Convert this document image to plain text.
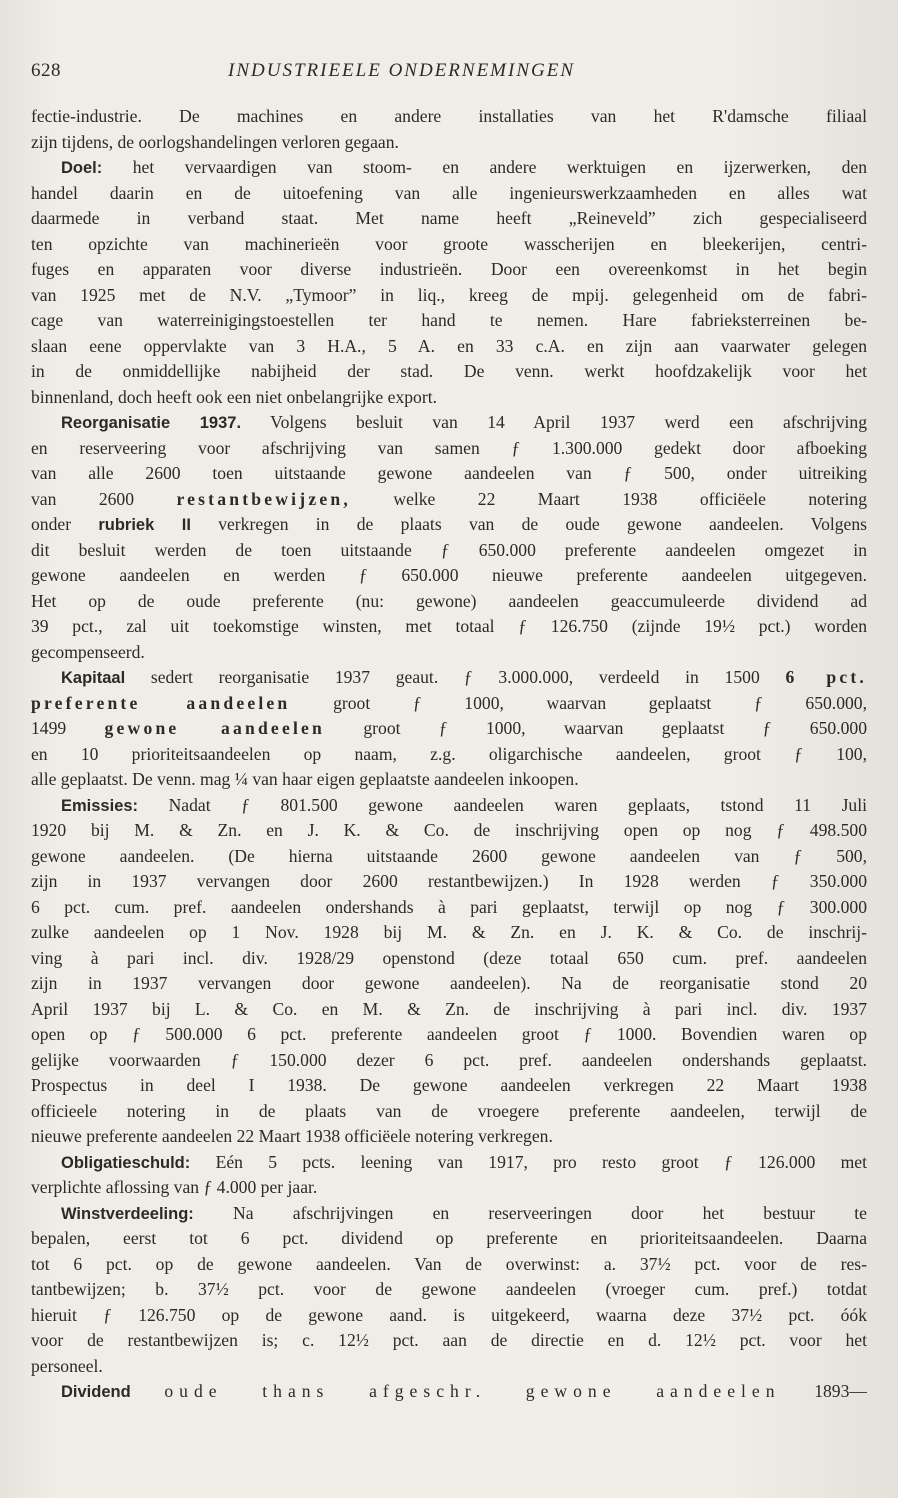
628	INDUSTRIEELE ONDERNEMINGEN
fectie-industrie. De machines en andere installaties van het R'damsche filiaal
zijn tijdens, de oorlogshandelingen verloren gegaan.
Doel: het vervaardigen van stoom- en andere werktuigen en ijzerwerken, den
handel daarin en de uitoefening van alle ingenieurswerkzaamheden en alles wat
daarmede in verband staat. Met name heeft „Reineveld” zich gespecialiseerd
ten opzichte van machinerieën voor groote wasscherijen en bleekerijen, centri-
fuges en apparaten voor diverse industrieën. Door een overeenkomst in het begin
van 1925 met de N.V. „Tymoor” in liq., kreeg de mpij. gelegenheid om de fabri-
cage van waterreinigingstoestellen ter hand te nemen. Hare fabrieksterreinen be-
slaan eene oppervlakte van 3 H.A., 5 A. en 33 c.A. en zijn aan vaarwater gelegen
in de onmiddellijke nabijheid der stad. De venn. werkt hoofdzakelijk voor het
binnenland, doch heeft ook een niet onbelangrijke export.
Reorganisatie 1937. Volgens besluit van 14 April 1937 werd een afschrijving
en reserveering voor afschrijving van samen ƒ 1.300.000 gedekt door afboeking
van alle 2600 toen uitstaande gewone aandeelen van ƒ 500, onder uitreiking
van 2600 restantbewijzen, welke 22 Maart 1938 officiëele notering
onder rubriek II verkregen in de plaats van de oude gewone aandeelen. Volgens
dit besluit werden de toen uitstaande ƒ 650.000 preferente aandeelen omgezet in
gewone aandeelen en werden ƒ 650.000 nieuwe preferente aandeelen uitgegeven.
Het op de oude preferente (nu: gewone) aandeelen geaccumuleerde dividend ad
39 pct., zal uit toekomstige winsten, met totaal ƒ 126.750 (zijnde 19½ pct.) worden
gecompenseerd.
Kapitaal sedert reorganisatie 1937 geaut. ƒ 3.000.000, verdeeld in 1500 6 pct.
preferente aandeelen groot ƒ 1000, waarvan geplaatst ƒ 650.000,
1499 gewone aandeelen groot ƒ 1000, waarvan geplaatst ƒ 650.000
en 10 prioriteitsaandeelen op naam, z.g. oligarchische aandeelen, groot ƒ 100,
alle geplaatst. De venn. mag ¼ van haar eigen geplaatste aandeelen inkoopen.
Emissies: Nadat ƒ 801.500 gewone aandeelen waren geplaats, tstond 11 Juli
1920 bij M. & Zn. en J. K. & Co. de inschrijving open op nog ƒ 498.500
gewone aandeelen. (De hierna uitstaande 2600 gewone aandeelen van ƒ 500,
zijn in 1937 vervangen door 2600 restantbewijzen.) In 1928 werden ƒ 350.000
6 pct. cum. pref. aandeelen ondershands à pari geplaatst, terwijl op nog ƒ 300.000
zulke aandeelen op 1 Nov. 1928 bij M. & Zn. en J. K. & Co. de inschrij-
ving à pari incl. div. 1928/29 openstond (deze totaal 650 cum. pref. aandeelen
zijn in 1937 vervangen door gewone aandeelen). Na de reorganisatie stond 20
April 1937 bij L. & Co. en M. & Zn. de inschrijving à pari incl. div. 1937
open op ƒ 500.000 6 pct. preferente aandeelen groot ƒ 1000. Bovendien waren op
gelijke voorwaarden ƒ 150.000 dezer 6 pct. pref. aandeelen ondershands geplaatst.
Prospectus in deel I 1938. De gewone aandeelen verkregen 22 Maart 1938
officieele notering in de plaats van de vroegere preferente aandeelen, terwijl de
nieuwe preferente aandeelen 22 Maart 1938 officiëele notering verkregen.
Obligatieschuld: Eén 5 pcts. leening van 1917, pro resto groot ƒ 126.000 met
verplichte aflossing van ƒ 4.000 per jaar.
Winstverdeeling: Na afschrijvingen en reserveeringen door het bestuur te
bepalen, eerst tot 6 pct. dividend op preferente en prioriteitsaandeelen. Daarna
tot 6 pct. op de gewone aandeelen. Van de overwinst: a. 37½ pct. voor de res-
tantbewijzen; b. 37½ pct. voor de gewone aandeelen (vroeger cum. pref.) totdat
hieruit ƒ 126.750 op de gewone aand. is uitgekeerd, waarna deze 37½ pct. óók
voor de restantbewijzen is; c. 12½ pct. aan de directie en d. 12½ pct. voor het
personeel.
Dividend oude thans afgeschr. gewone aandeelen 1893—
